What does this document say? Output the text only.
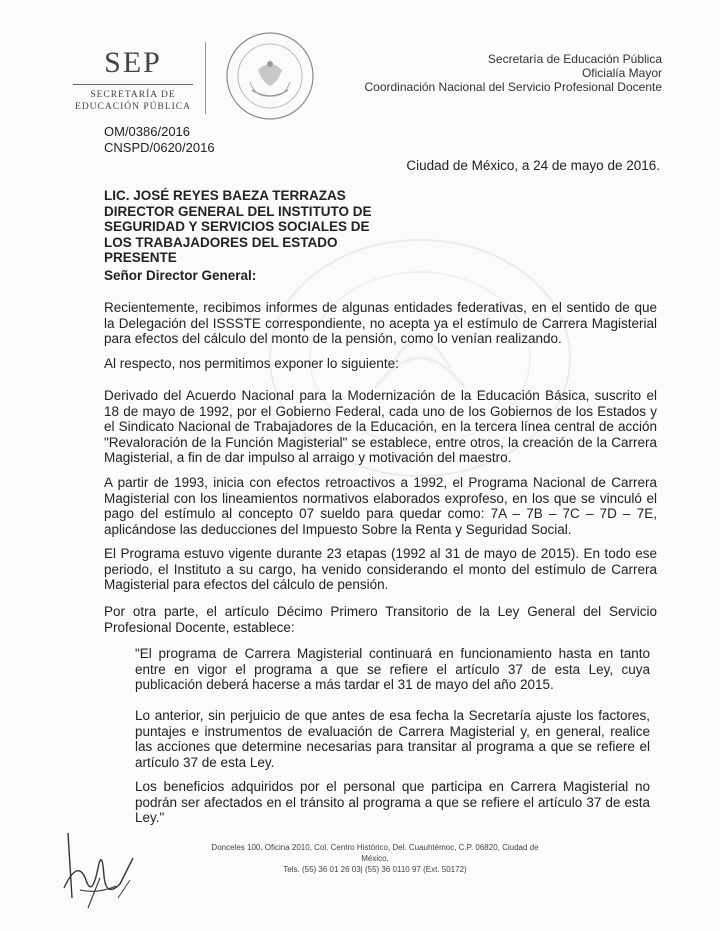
SEP
SECRETARÍA DE
EDUCACIÓN PÚBLICA
Secretaría de Educación Pública
Oficialía Mayor
Coordinación Nacional del Servicio Profesional Docente
OM/0386/2016
CNSPD/0620/2016
Ciudad de México, a 24 de mayo de 2016.
LIC. JOSÉ REYES BAEZA TERRAZAS
DIRECTOR GENERAL DEL INSTITUTO DE
SEGURIDAD Y SERVICIOS SOCIALES DE
LOS TRABAJADORES DEL ESTADO
PRESENTE
Señor Director General:
Recientemente, recibimos informes de algunas entidades federativas, en el sentido de que la Delegación del ISSSTE correspondiente, no acepta ya el estímulo de Carrera Magisterial para efectos del cálculo del monto de la pensión, como lo venían realizando.
Al respecto, nos permitimos exponer lo siguiente:
Derivado del Acuerdo Nacional para la Modernización de la Educación Básica, suscrito el 18 de mayo de 1992, por el Gobierno Federal, cada uno de los Gobiernos de los Estados y el Sindicato Nacional de Trabajadores de la Educación, en la tercera línea central de acción "Revaloración de la Función Magisterial" se establece, entre otros, la creación de la Carrera Magisterial, a fin de dar impulso al arraigo y motivación del maestro.
A partir de 1993, inicia con efectos retroactivos a 1992, el Programa Nacional de Carrera Magisterial con los lineamientos normativos elaborados exprofeso, en los que se vinculó el pago del estímulo al concepto 07 sueldo para quedar como: 7A – 7B – 7C – 7D – 7E, aplicándose las deducciones del Impuesto Sobre la Renta y Seguridad Social.
El Programa estuvo vigente durante 23 etapas (1992 al 31 de mayo de 2015). En todo ese periodo, el Instituto a su cargo, ha venido considerando el monto del estímulo de Carrera Magisterial para efectos del cálculo de pensión.
Por otra parte, el artículo Décimo Primero Transitorio de la Ley General del Servicio Profesional Docente, establece:
"El programa de Carrera Magisterial continuará en funcionamiento hasta en tanto entre en vigor el programa a que se refiere el artículo 37 de esta Ley, cuya publicación deberá hacerse a más tardar el 31 de mayo del año 2015.
Lo anterior, sin perjuicio de que antes de esa fecha la Secretaría ajuste los factores, puntajes e instrumentos de evaluación de Carrera Magisterial y, en general, realice las acciones que determine necesarias para transitar al programa a que se refiere el artículo 37 de esta Ley.
Los beneficios adquiridos por el personal que participa en Carrera Magisterial no podrán ser afectados en el tránsito al programa a que se refiere el artículo 37 de esta Ley."
Donceles 100, Oficina 2010, Col. Centro Histórico, Del. Cuauhtémoc, C.P. 06820, Ciudad de México.
Tels. (55) 36 01 26 03| (55) 36 0110 97 (Ext. 50172)
